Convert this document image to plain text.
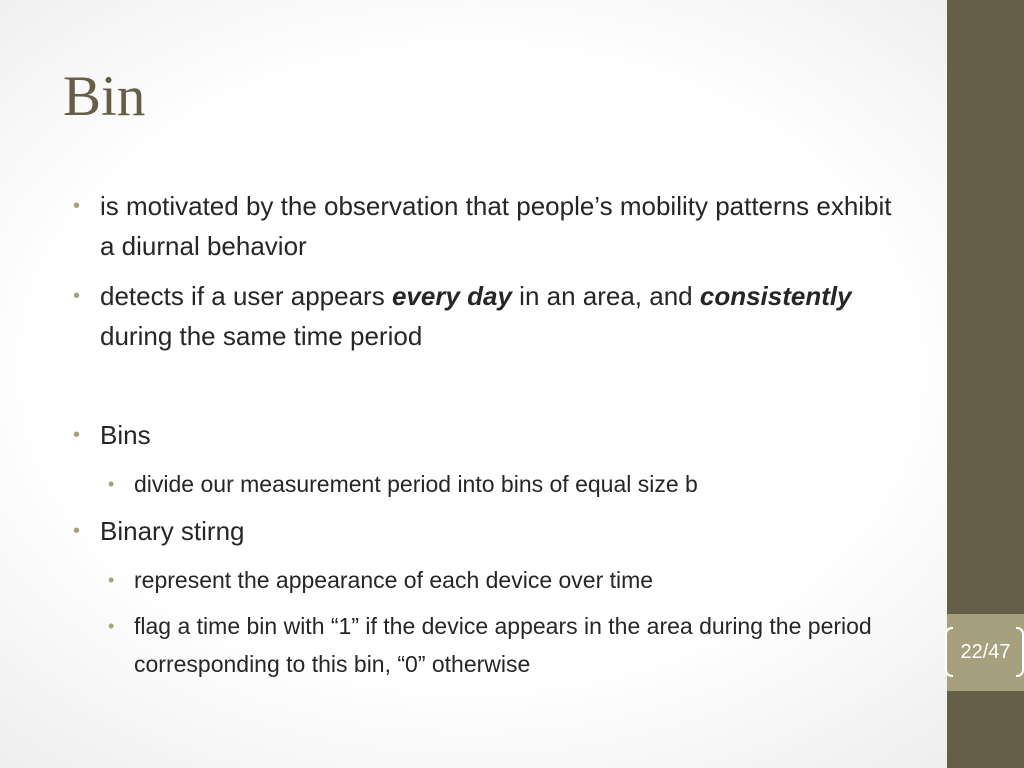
22/47
Bin
• is motivated by the observation that people’s mobility patterns exhibit a diurnal behavior
• detects if a user appears every day in an area, and consistently during the same time period
• Bins
• divide our measurement period into bins of equal size b
• Binary stirng
• represent the appearance of each device over time
• flag a time bin with “1” if the device appears in the area during the period corresponding to this bin, “0” otherwise
